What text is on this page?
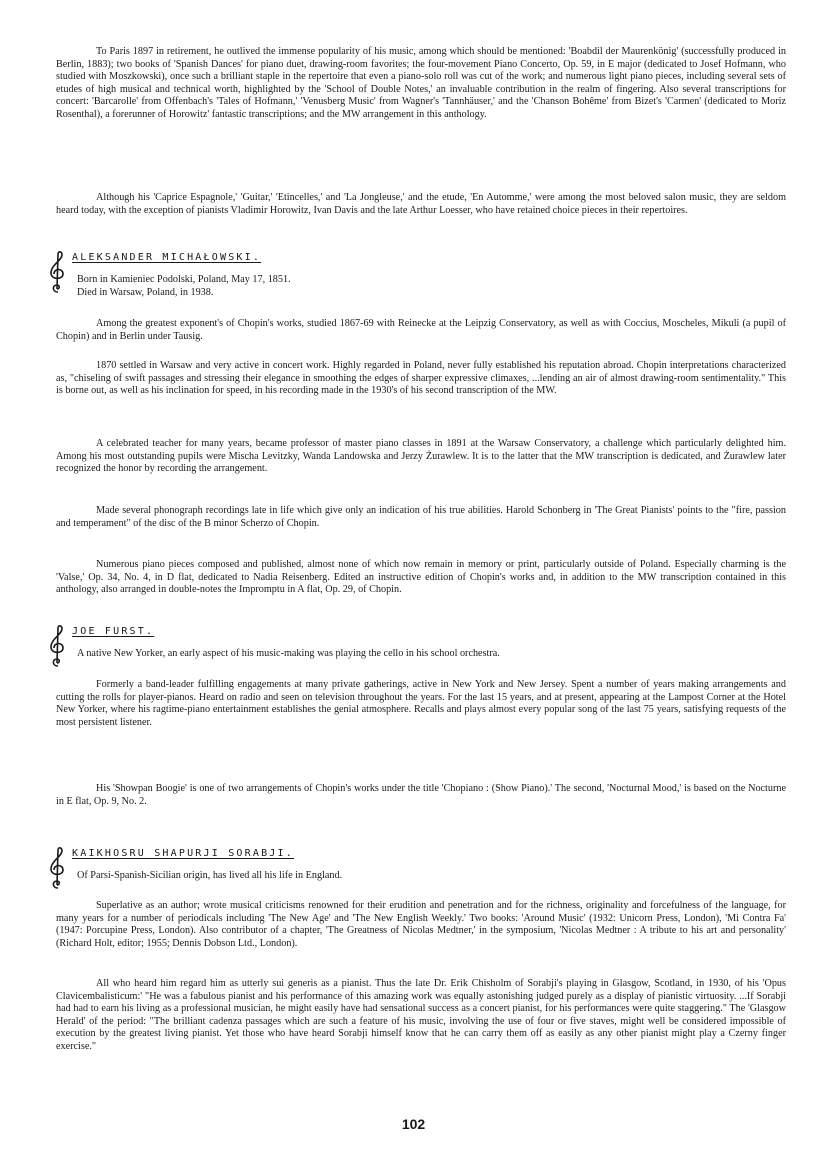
To Paris 1897 in retirement, he outlived the immense popularity of his music, among which should be mentioned: 'Boabdil der Maurenkönig' (successfully produced in Berlin, 1883); two books of 'Spanish Dances' for piano duet, drawing-room favorites; the four-movement Piano Concerto, Op. 59, in E major (dedicated to Josef Hofmann, who studied with Moszkowski), once such a brilliant staple in the repertoire that even a piano-solo roll was cut of the work; and numerous light piano pieces, including several sets of etudes of high musical and technical worth, highlighted by the 'School of Double Notes,' an invaluable contribution in the realm of fingering. Also several transcriptions for concert: 'Barcarolle' from Offenbach's 'Tales of Hofmann,' 'Venusberg Music' from Wagner's 'Tannhäuser,' and the 'Chanson Bohême' from Bizet's 'Carmen' (dedicated to Moriz Rosenthal), a forerunner of Horowitz' fantastic transcriptions; and the MW arrangement in this anthology.

Although his 'Caprice Espagnole,' 'Guitar,' 'Etincelles,' and 'La Jongleuse,' and the etude, 'En Automme,' were among the most beloved salon music, they are seldom heard today, with the exception of pianists Vladimir Horowitz, Ivan Davis and the late Arthur Loesser, who have retained choice pieces in their repertoires.

ALEKSANDER MICHAŁOWSKI.

Born in Kamieniec Podolski, Poland, May 17, 1851.

Died in Warsaw, Poland, in 1938.

Among the greatest exponent's of Chopin's works, studied 1867-69 with Reinecke at the Leipzig Conservatory, as well as with Coccius, Moscheles, Mikuli (a pupil of Chopin) and in Berlin under Tausig.

1870 settled in Warsaw and very active in concert work. Highly regarded in Poland, never fully established his reputation abroad. Chopin interpretations characterized as, "chiseling of swift passages and stressing their elegance in smoothing the edges of sharper expressive climaxes, ...lending an air of almost drawing-room sentimentality." This is borne out, as well as his inclination for speed, in his recording made in the 1930's of his second transcription of the MW.

A celebrated teacher for many years, became professor of master piano classes in 1891 at the Warsaw Conservatory, a challenge which particularly delighted him. Among his most outstanding pupils were Mischa Levitzky, Wanda Landowska and Jerzy Żurawlew. It is to the latter that the MW transcription is dedicated, and Żurawlew later recognized the honor by recording the arrangement.

Made several phonograph recordings late in life which give only an indication of his true abilities. Harold Schonberg in 'The Great Pianists' points to the "fire, passion and temperament" of the disc of the B minor Scherzo of Chopin.

Numerous piano pieces composed and published, almost none of which now remain in memory or print, particularly outside of Poland. Especially charming is the 'Valse,' Op. 34, No. 4, in D flat, dedicated to Nadia Reisenberg. Edited an instructive edition of Chopin's works and, in addition to the MW transcription contained in this anthology, also arranged in double-notes the Impromptu in A flat, Op. 29, of Chopin.

JOE FURST.

A native New Yorker, an early aspect of his music-making was playing the cello in his school orchestra.

Formerly a band-leader fulfilling engagements at many private gatherings, active in New York and New Jersey. Spent a number of years making arrangements and cutting the rolls for player-pianos. Heard on radio and seen on television throughout the years. For the last 15 years, and at present, appearing at the Lampost Corner at the Hotel New Yorker, where his ragtime-piano entertainment establishes the genial atmosphere. Recalls and plays almost every popular song of the last 75 years, satisfying requests of the most persistent listener.

His 'Showpan Boogie' is one of two arrangements of Chopin's works under the title 'Chopiano : (Show Piano).' The second, 'Nocturnal Mood,' is based on the Nocturne in E flat, Op. 9, No. 2.

KAIKHOSRU SHAPURJI SORABJI.

Of Parsi-Spanish-Sicilian origin, has lived all his life in England.

Superlative as an author; wrote musical criticisms renowned for their erudition and penetration and for the richness, originality and forcefulness of the language, for many years for a number of periodicals including 'The New Age' and 'The New English Weekly.' Two books: 'Around Music' (1932: Unicorn Press, London), 'Mi Contra Fa' (1947: Porcupine Press, London). Also contributor of a chapter, 'The Greatness of Nicolas Medtner,' in the symposium, 'Nicolas Medtner : A tribute to his art and personality' (Richard Holt, editor; 1955; Dennis Dobson Ltd., London).

All who heard him regard him as utterly sui generis as a pianist. Thus the late Dr. Erik Chisholm of Sorabji's playing in Glasgow, Scotland, in 1930, of his 'Opus Clavicembalisticum:' "He was a fabulous pianist and his performance of this amazing work was equally astonishing judged purely as a display of pianistic virtuosity. ...If Sorabji had had to earn his living as a professional musician, he might easily have had sensational success as a concert pianist, for his performances were quite staggering." The 'Glasgow Herald' of the period: "The brilliant cadenza passages which are such a feature of his music, involving the use of four or five staves, might well be considered impossible of execution by the greatest living pianist. Yet those who have heard Sorabji himself know that he can carry them off as easily as any other pianist might play a Czerny finger exercise."

102
